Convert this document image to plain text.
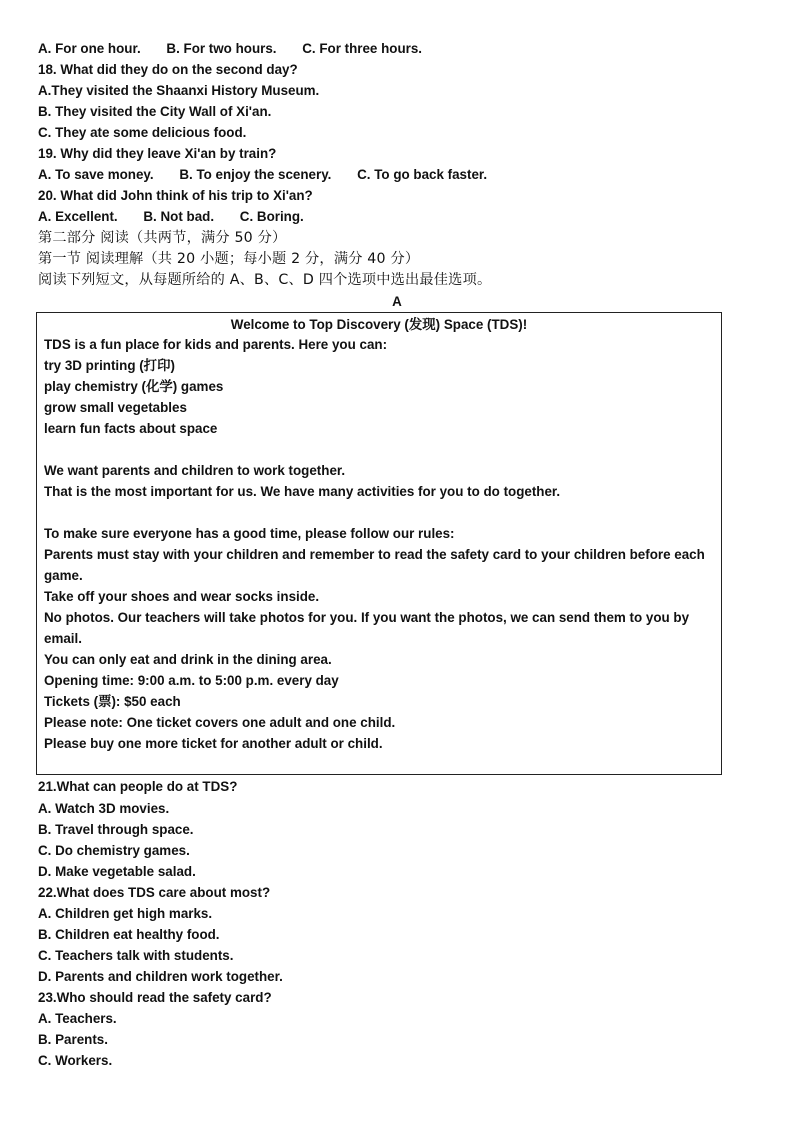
A. For one hour. B. For two hours. C. For three hours.
18. What did they do on the second day?
A.They visited the Shaanxi History Museum.
B. They visited the City Wall of Xi'an.
C. They ate some delicious food.
19. Why did they leave Xi'an by train?
A. To save money. B. To enjoy the scenery. C. To go back faster.
20. What did John think of his trip to Xi'an?
A. Excellent. B. Not bad. C. Boring.
第二部分 阅读（共两节，满分 50 分）
第一节 阅读理解（共 20 小题；每小题 2 分，满分 40 分）
阅读下列短文，从每题所给的 A、B、C、D 四个选项中选出最佳选项。
A
Welcome to Top Discovery (发现) Space (TDS)!
TDS is a fun place for kids and parents. Here you can:
try 3D printing (打印)
play chemistry (化学) games
grow small vegetables
learn fun facts about space
We want parents and children to work together.
That is the most important for us. We have many activities for you to do together.
To make sure everyone has a good time, please follow our rules:
Parents must stay with your children and remember to read the safety card to your children before each game.
Take off your shoes and wear socks inside.
No photos. Our teachers will take photos for you. If you want the photos, we can send them to you by email.
You can only eat and drink in the dining area.
Opening time: 9:00 a.m. to 5:00 p.m. every day
Tickets (票): $50 each
Please note: One ticket covers one adult and one child.
Please buy one more ticket for another adult or child.
21.What can people do at TDS?
A. Watch 3D movies.
B. Travel through space.
C. Do chemistry games.
D. Make vegetable salad.
22.What does TDS care about most?
A. Children get high marks.
B. Children eat healthy food.
C. Teachers talk with students.
D. Parents and children work together.
23.Who should read the safety card?
A. Teachers.
B. Parents.
C. Workers.
